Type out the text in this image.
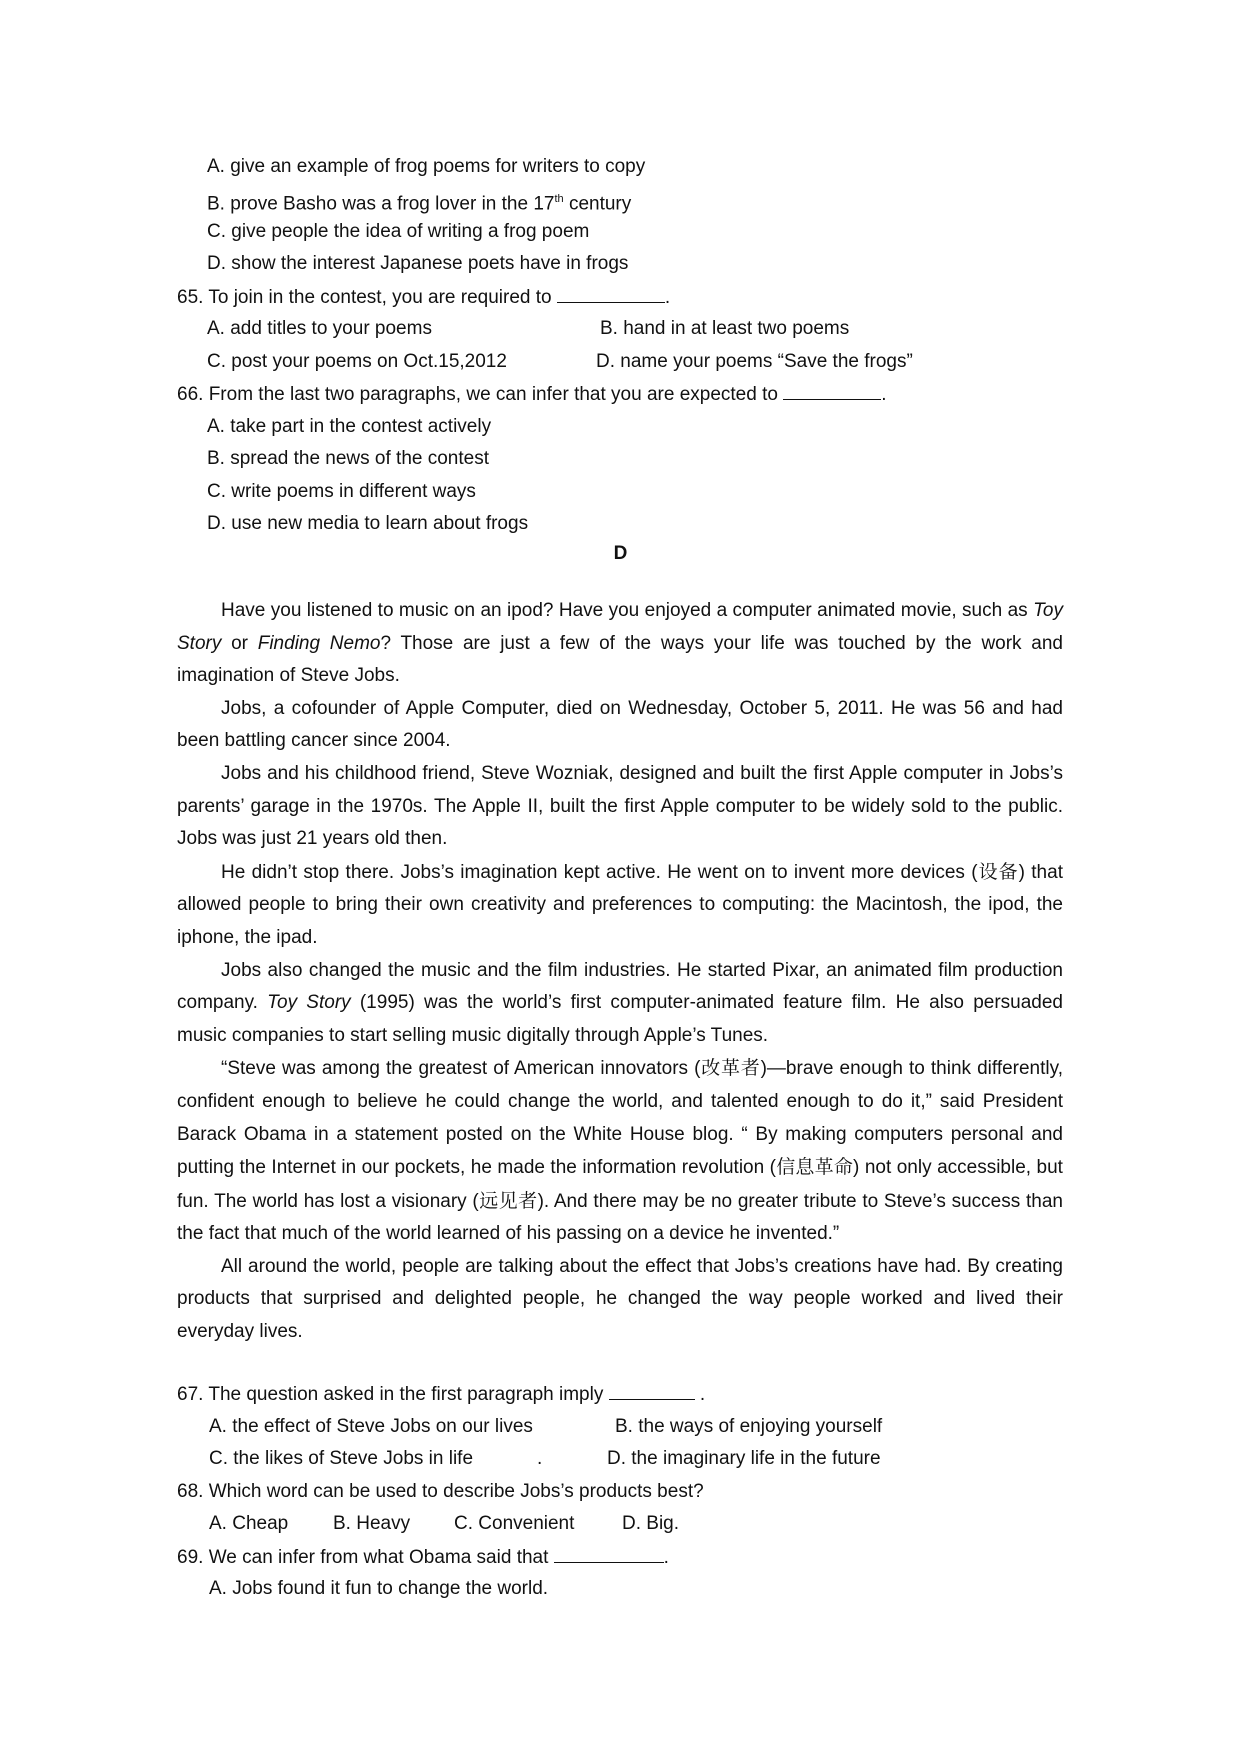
A. give an example of frog poems for writers to copy
B. prove Basho was a frog lover in the 17th century
C. give people the idea of writing a frog poem
D. show the interest Japanese poets have in frogs
65. To join in the contest, you are required to	.
A. add titles to your poems	B. hand in at least two poems
C. post your poems on Oct.15,2012	D. name your poems “Save the frogs”
66. From the last two paragraphs, we can infer that you are expected to	.
A. take part in the contest actively
B. spread the news of the contest
C. write poems in different ways
D. use new media to learn about frogs
D

Have you listened to music on an ipod? Have you enjoyed a computer animated movie, such as Toy Story or Finding Nemo? Those are just a few of the ways your life was touched by the work and imagination of Steve Jobs.

Jobs, a cofounder of Apple Computer, died on Wednesday, October 5, 2011. He was 56 and had been battling cancer since 2004.

Jobs and his childhood friend, Steve Wozniak, designed and built the first Apple computer in Jobs’s parents’ garage in the 1970s. The Apple II, built the first Apple computer to be widely sold to the public. Jobs was just 21 years old then.

He didn’t stop there. Jobs’s imagination kept active. He went on to invent more devices (设备) that allowed people to bring their own creativity and preferences to computing: the Macintosh, the ipod, the iphone, the ipad.

Jobs also changed the music and the film industries. He started Pixar, an animated film production company. Toy Story (1995) was the world’s first computer-animated feature film. He also persuaded music companies to start selling music digitally through Apple’s Tunes.

“Steve was among the greatest of American innovators (改革者)—brave enough to think differently, confident enough to believe he could change the world, and talented enough to do it,” said President Barack Obama in a statement posted on the White House blog. “ By making computers personal and putting the Internet in our pockets, he made the information revolution (信息革命) not only accessible, but fun. The world has lost a visionary (远见者). And there may be no greater tribute to Steve’s success than the fact that much of the world learned of his passing on a device he invented.”

All around the world, people are talking about the effect that Jobs’s creations have had. By creating products that surprised and delighted people, he changed the way people worked and lived their everyday lives.

67. The question asked in the first paragraph imply	.
A. the effect of Steve Jobs on our lives	B. the ways of enjoying yourself
C. the likes of Steve Jobs in life	.	D. the imaginary life in the future
68. Which word can be used to describe Jobs’s products best?
A. Cheap B. Heavy C. Convenient	D. Big.
69. We can infer from what Obama said that	.
A. Jobs found it fun to change the world.
